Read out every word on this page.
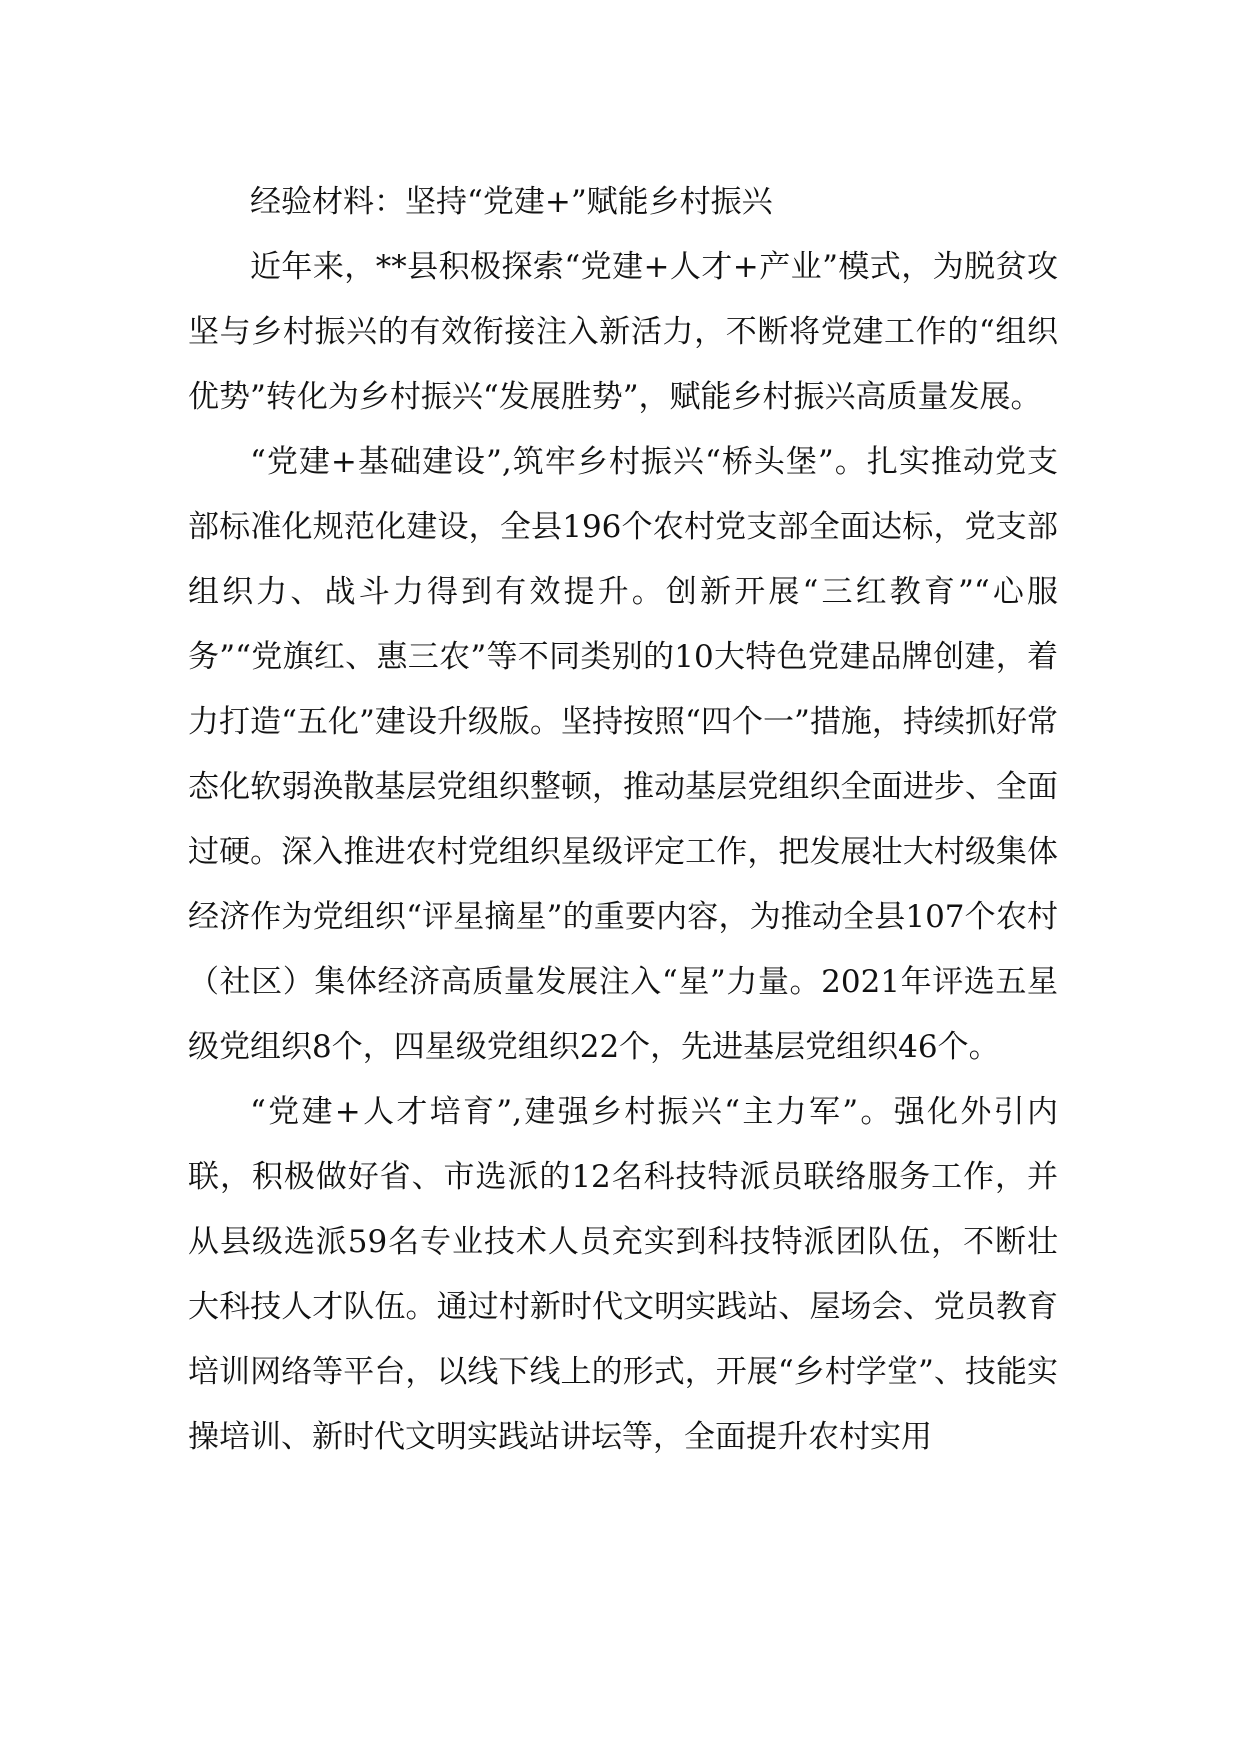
经验材料：坚持“党建+”赋能乡村振兴

近年来，**县积极探索“党建+人才+产业”模式，为脱贫攻坚与乡村振兴的有效衔接注入新活力，不断将党建工作的“组织优势”转化为乡村振兴“发展胜势”，赋能乡村振兴高质量发展。

“党建+基础建设”,筑牢乡村振兴“桥头堡”。扎实推动党支部标准化规范化建设，全县196个农村党支部全面达标，党支部组织力、战斗力得到有效提升。创新开展“三红教育”“心服务”“党旗红、惠三农”等不同类别的10大特色党建品牌创建，着力打造“五化”建设升级版。坚持按照“四个一”措施，持续抓好常态化软弱涣散基层党组织整顿，推动基层党组织全面进步、全面过硬。深入推进农村党组织星级评定工作，把发展壮大村级集体经济作为党组织“评星摘星”的重要内容，为推动全县107个农村（社区）集体经济高质量发展注入“星”力量。2021年评选五星级党组织8个，四星级党组织22个，先进基层党组织46个。

“党建+人才培育”,建强乡村振兴“主力军”。强化外引内联，积极做好省、市选派的12名科技特派员联络服务工作，并从县级选派59名专业技术人员充实到科技特派团队伍，不断壮大科技人才队伍。通过村新时代文明实践站、屋场会、党员教育培训网络等平台，以线下线上的形式，开展“乡村学堂”、技能实操培训、新时代文明实践站讲坛等，全面提升农村实用
